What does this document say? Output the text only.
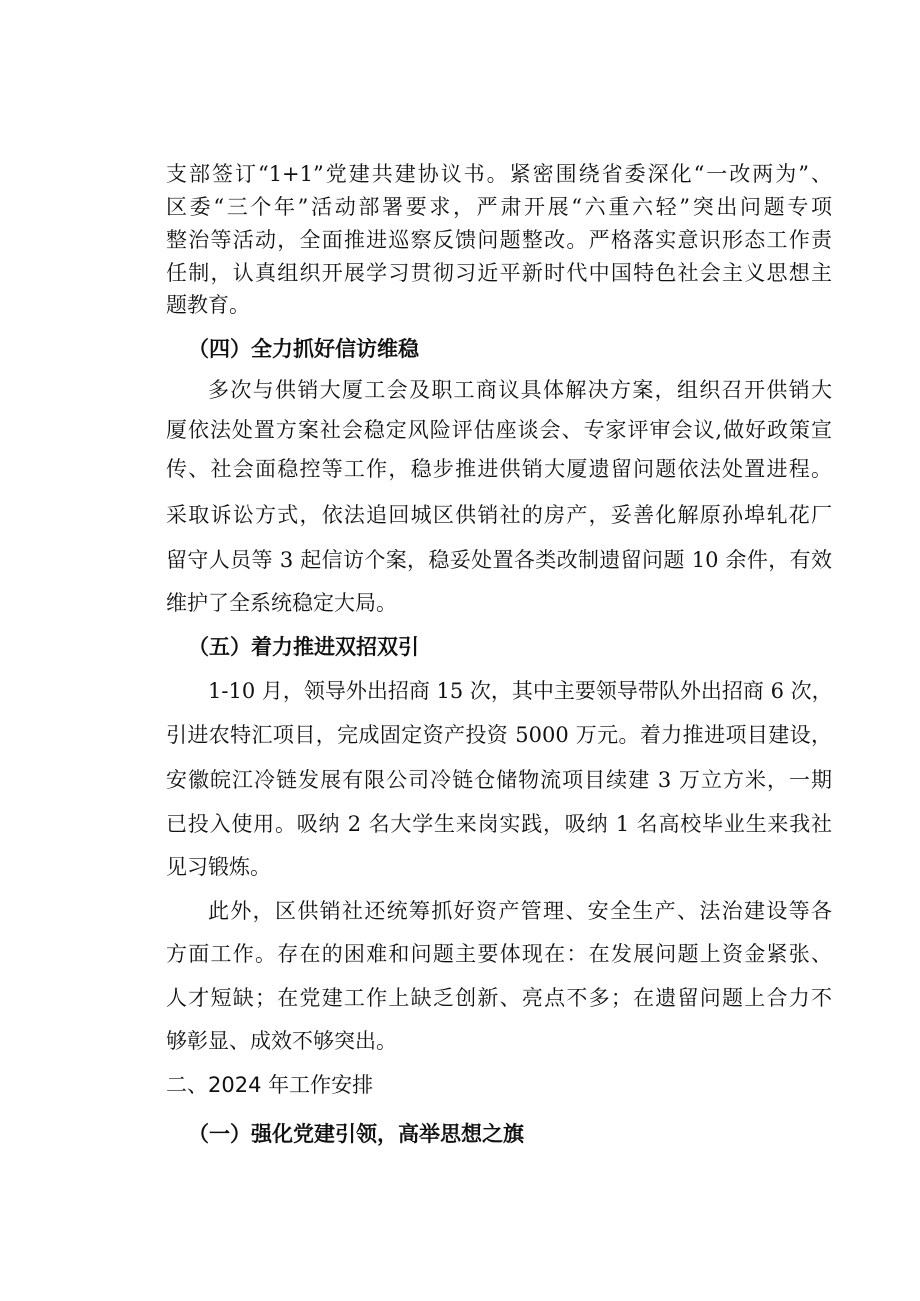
支部签订“1+1”党建共建协议书。紧密围绕省委深化“一改两为”、
区委“三个年”活动部署要求，严肃开展“六重六轻”突出问题专项
整治等活动，全面推进巡察反馈问题整改。严格落实意识形态工作责
任制，认真组织开展学习贯彻习近平新时代中国特色社会主义思想主
题教育。
（四）全力抓好信访维稳
多次与供销大厦工会及职工商议具体解决方案，组织召开供销大
厦依法处置方案社会稳定风险评估座谈会、专家评审会议,做好政策宣
传、社会面稳控等工作，稳步推进供销大厦遗留问题依法处置进程。
采取诉讼方式，依法追回城区供销社的房产，妥善化解原孙埠轧花厂
留守人员等 3 起信访个案，稳妥处置各类改制遗留问题 10 余件，有效
维护了全系统稳定大局。
（五）着力推进双招双引
1-10 月，领导外出招商 15 次，其中主要领导带队外出招商 6 次，
引进农特汇项目，完成固定资产投资 5000 万元。着力推进项目建设，
安徽皖江冷链发展有限公司冷链仓储物流项目续建 3 万立方米，一期
已投入使用。吸纳 2 名大学生来岗实践，吸纳 1 名高校毕业生来我社
见习锻炼。
此外，区供销社还统筹抓好资产管理、安全生产、法治建设等各
方面工作。存在的困难和问题主要体现在：在发展问题上资金紧张、
人才短缺；在党建工作上缺乏创新、亮点不多；在遗留问题上合力不
够彰显、成效不够突出。
二、2024 年工作安排
（一）强化党建引领，高举思想之旗
